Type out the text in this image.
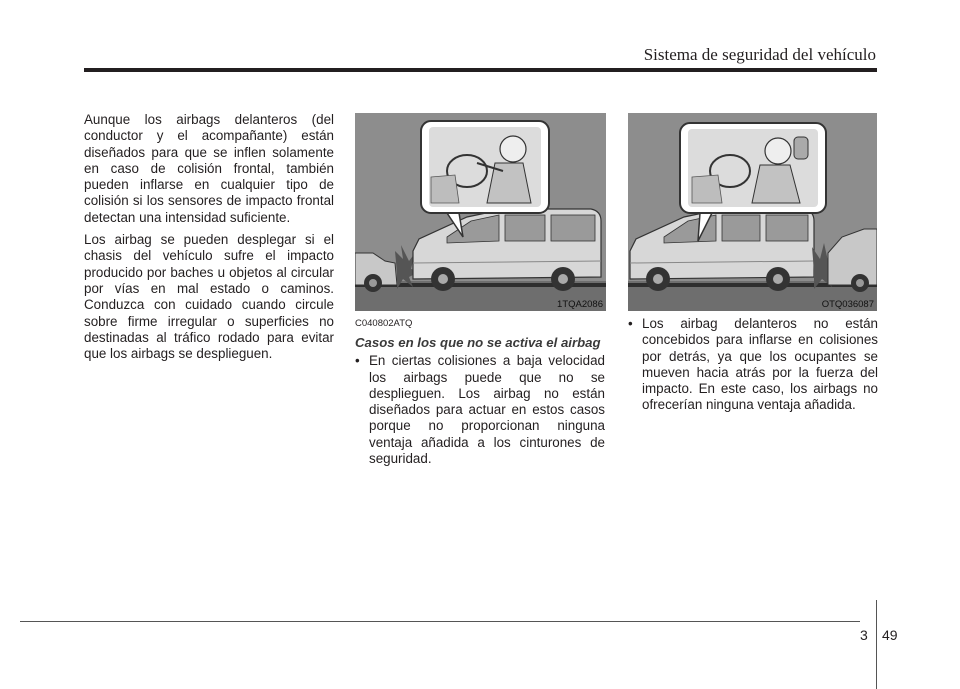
Sistema de seguridad del vehículo

Aunque los airbags delanteros (del conductor y el acompañante) están diseñados para que se inflen solamente en caso de colisión frontal, también pueden inflarse en cualquier tipo de colisión si los sensores de impacto frontal detectan una intensidad suficiente.

Los airbag se pueden desplegar si el chasis del vehículo sufre el impacto producido por baches u objetos al circular por vías en mal estado o caminos. Conduzca con cuidado cuando circule sobre firme irregular o superficies no destinadas al tráfico rodado para evitar que los airbags se desplieguen.

1TQA2086	OTQ036087
C040802ATQ
Casos en los que no se activa el airbag

• En ciertas colisiones a baja velocidad los airbags puede que no se desplieguen. Los airbag no están diseñados para actuar en estos casos porque no proporcionan ninguna ventaja añadida a los cinturones de seguridad.

• Los airbag delanteros no están concebidos para inflarse en colisiones por detrás, ya que los ocupantes se mueven hacia atrás por la fuerza del impacto. En este caso, los airbags no ofrecerían ninguna ventaja añadida.

3 49
